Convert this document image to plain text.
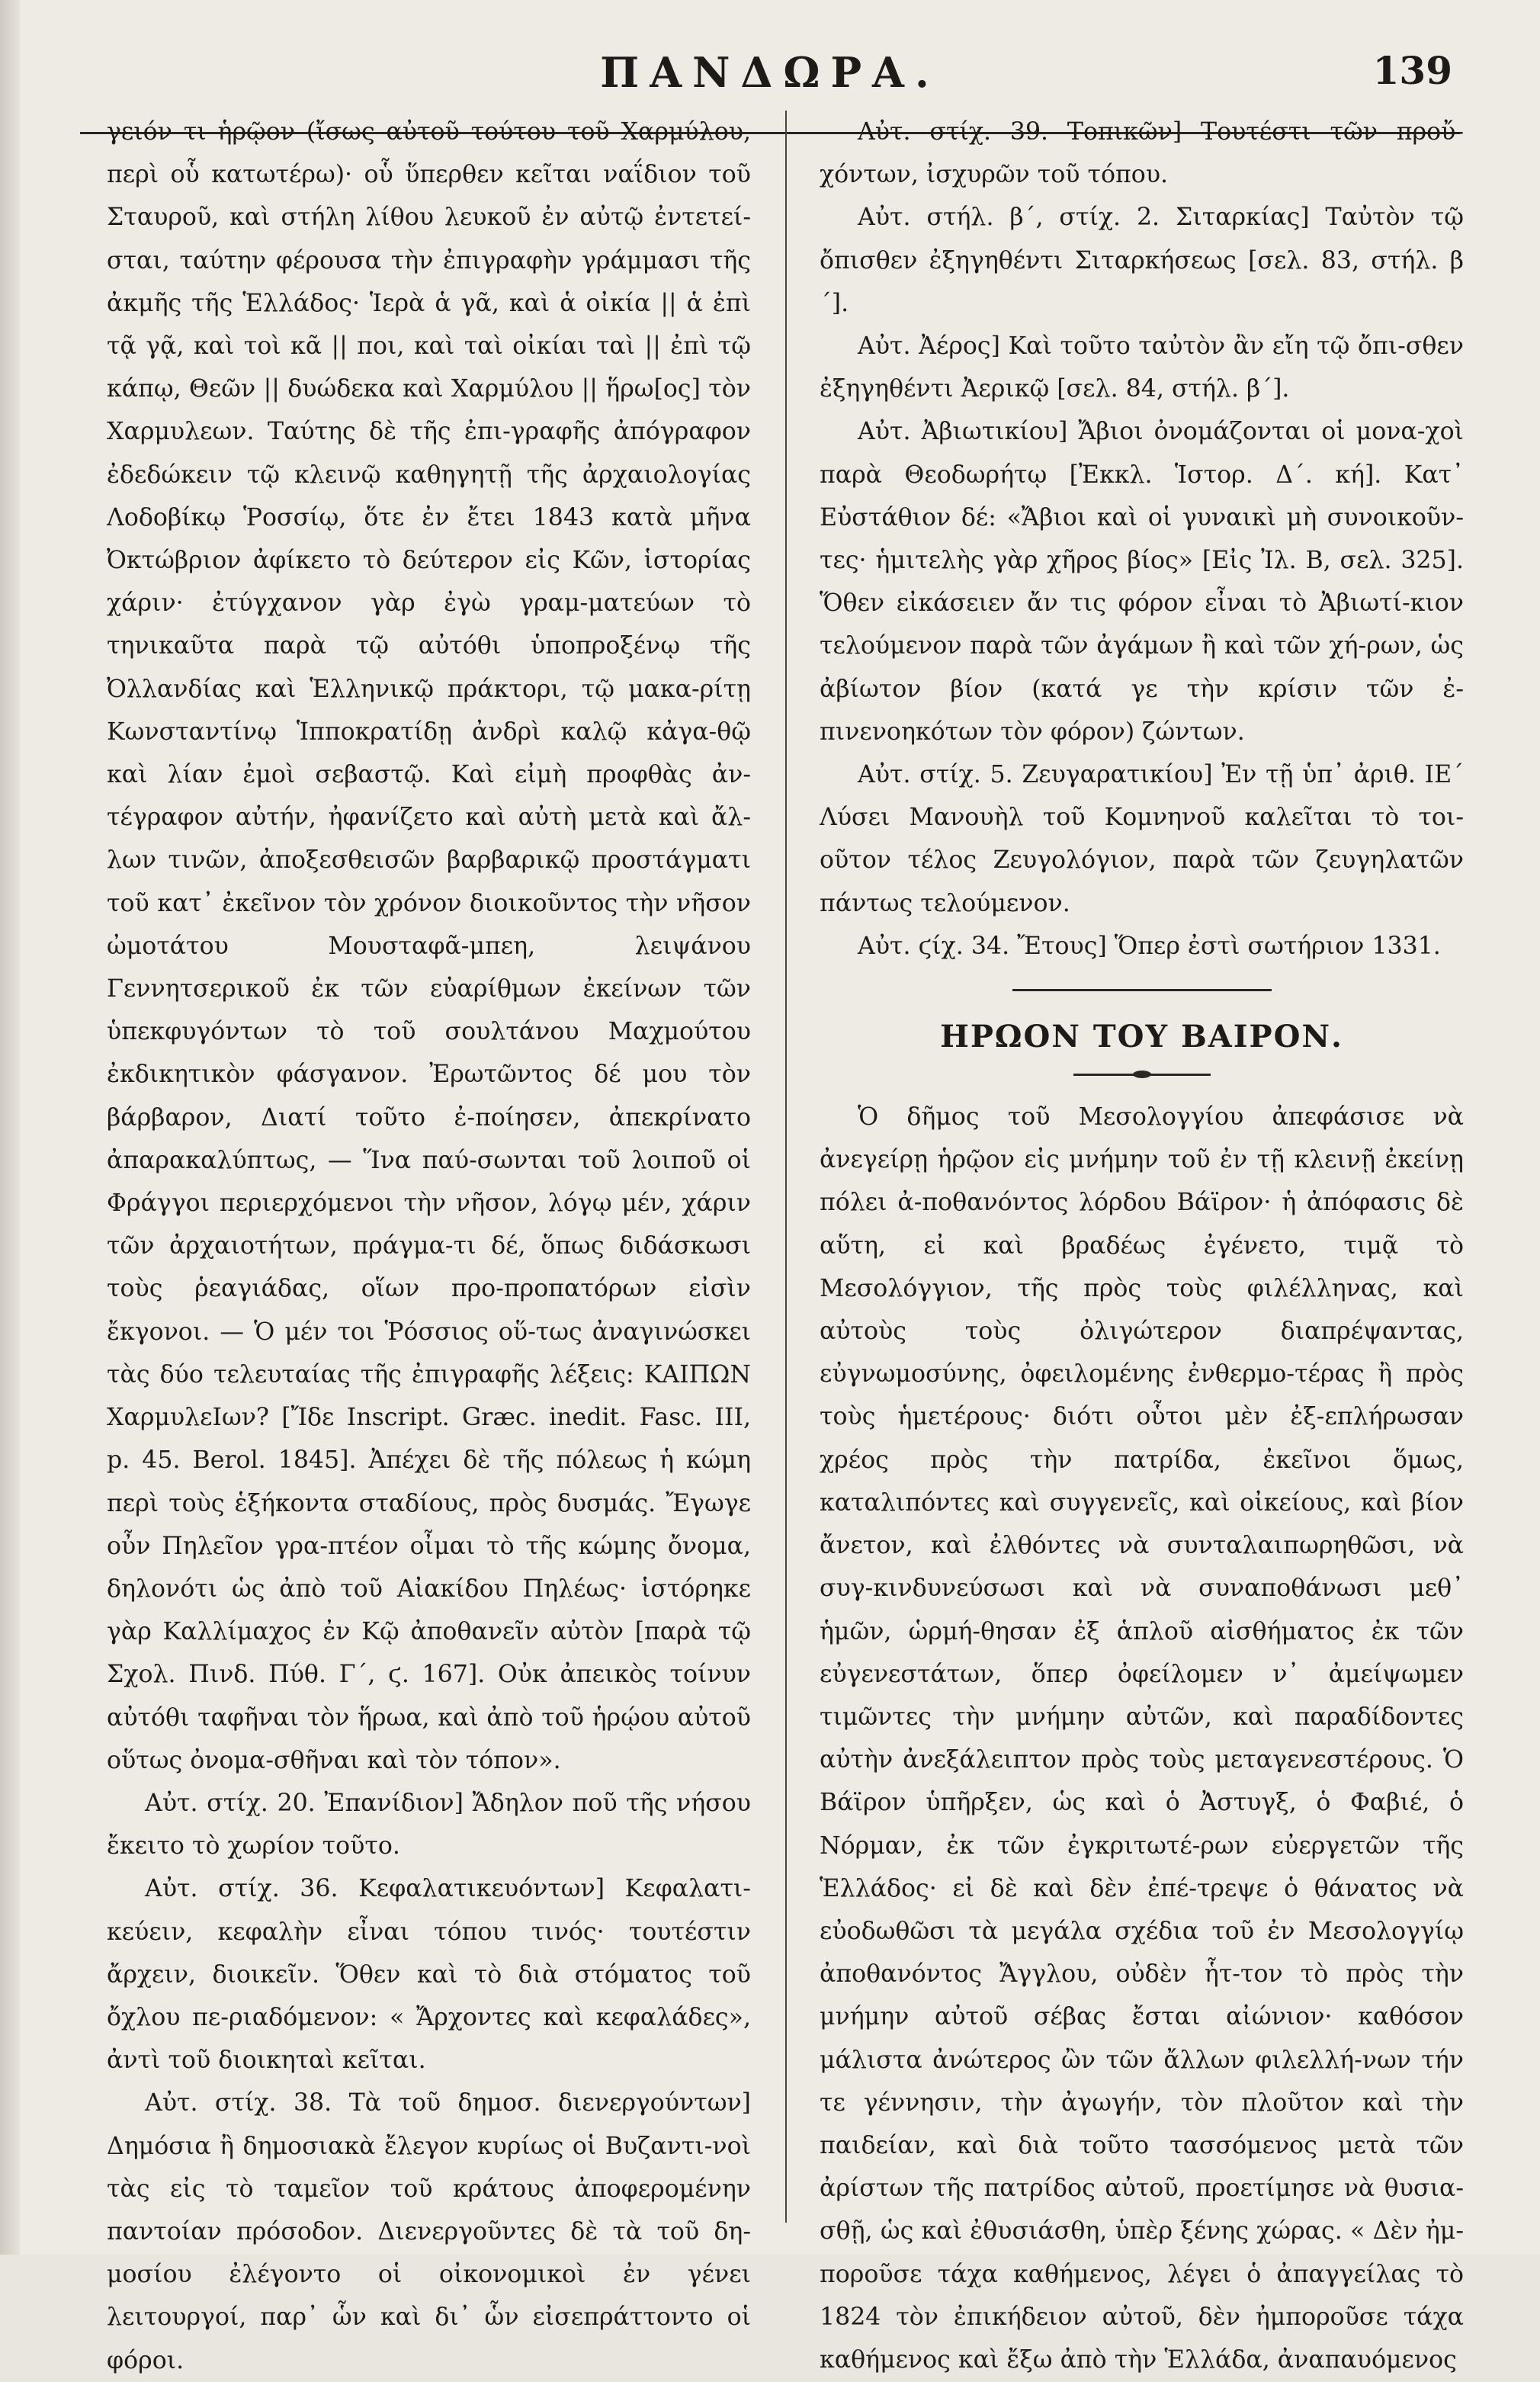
ΠΑΝΔΩΡΑ.	139

γειόν τι ἡρῷον (ἴσως αὐτοῦ τούτου τοῦ Χαρμύλου, περὶ οὗ κατωτέρω)· οὗ ὕπερθεν κεῖται ναΐδιον τοῦ Σταυροῦ, καὶ στήλη λίθου λευκοῦ ἐν αὐτῷ ἐντετεί-σται, ταύτην φέρουσα τὴν ἐπιγραφὴν γράμμασι τῆς ἀκμῆς τῆς Ἑλλάδος· Ἱερὰ ἁ γᾶ, καὶ ἁ οἰκία || ἁ ἐπὶ τᾷ γᾷ, καὶ τοὶ κᾶ || ποι, καὶ ταὶ οἰκίαι ταὶ || ἐπὶ τῷ κάπῳ, Θεῶν || δυώδεκα καὶ Χαρμύλου || ἥρω[ος] τὸν Χαρμυλεων. Ταύτης δὲ τῆς ἐπι-γραφῆς ἀπόγραφον ἐδεδώκειν τῷ κλεινῷ καθηγητῇ τῆς ἀρχαιολογίας Λοδοβίκῳ Ῥοσσίῳ, ὅτε ἐν ἔτει 1843 κατὰ μῆνα Ὀκτώβριον ἀφίκετο τὸ δεύτερον εἰς Κῶν, ἱστορίας χάριν· ἐτύγχανον γὰρ ἐγὼ γραμ-ματεύων τὸ τηνικαῦτα παρὰ τῷ αὐτόθι ὑποπροξένῳ τῆς Ὀλλανδίας καὶ Ἑλληνικῷ πράκτορι, τῷ μακα-ρίτῃ Κωνσταντίνῳ Ἱπποκρατίδῃ ἀνδρὶ καλῷ κἀγα-θῷ καὶ λίαν ἐμοὶ σεβαστῷ. Καὶ εἰμὴ προφθὰς ἀν-τέγραφον αὐτήν, ἠφανίζετο καὶ αὐτὴ μετὰ καὶ ἄλ-λων τινῶν, ἀποξεσθεισῶν βαρβαρικῷ προστάγματι τοῦ κατ᾿ ἐκεῖνον τὸν χρόνον διοικοῦντος τὴν νῆσον ὠμοτάτου Μουσταφᾶ-μπεη, λειψάνου Γεννητσερικοῦ ἐκ τῶν εὐαρίθμων ἐκείνων τῶν ὑπεκφυγόντων τὸ τοῦ σουλτάνου Μαχμούτου ἐκδικητικὸν φάσγανον. Ἐρωτῶντος δέ μου τὸν βάρβαρον, Διατί τοῦτο ἐ-ποίησεν, ἀπεκρίνατο ἀπαρακαλύπτως, — Ἵνα παύ-σωνται τοῦ λοιποῦ οἱ Φράγγοι περιερχόμενοι τὴν νῆσον, λόγῳ μέν, χάριν τῶν ἀρχαιοτήτων, πράγμα-τι δέ, ὅπως διδάσκωσι τοὺς ῥεαγιάδας, οἵων προ-προπατόρων εἰσὶν ἔκγονοι. — Ὁ μέν τοι Ῥόσσιος οὕ-τως ἀναγινώσκει τὰς δύο τελευταίας τῆς ἐπιγραφῆς λέξεις: ΚΑΙΠΩΝ ΧαρμυλεΙων? [Ἴδε Inscript. Græc. inedit. Fasc. III, p. 45. Berol. 1845]. Ἀπέχει δὲ τῆς πόλεως ἡ κώμη περὶ τοὺς ἑξήκοντα σταδίους, πρὸς δυσμάς. Ἔγωγε οὖν Πηλεῖον γρα-πτέον οἶμαι τὸ τῆς κώμης ὄνομα, δηλονότι ὡς ἀπὸ τοῦ Αἰακίδου Πηλέως· ἱστόρηκε γὰρ Καλλίμαχος ἐν Κῷ ἀποθανεῖν αὐτὸν [παρὰ τῷ Σχολ. Πινδ. Πύθ. Γ´, ϛ. 167]. Οὐκ ἀπεικὸς τοίνυν αὐτόθι ταφῆναι τὸν ἥρωα, καὶ ἀπὸ τοῦ ἡρῴου αὐτοῦ οὕτως ὀνομα-σθῆναι καὶ τὸν τόπον».

Αὐτ. στίχ. 20. Ἐπανίδιον] Ἄδηλον ποῦ τῆς νήσου ἔκειτο τὸ χωρίον τοῦτο.

Αὐτ. στίχ. 36. Κεφαλατικευόντων] Κεφαλατι-κεύειν, κεφαλὴν εἶναι τόπου τινός· τουτέστιν ἄρχειν, διοικεῖν. Ὅθεν καὶ τὸ διὰ στόματος τοῦ ὄχλου πε-ριαδόμενον: « Ἄρχοντες καὶ κεφαλάδες», ἀντὶ τοῦ διοικηταὶ κεῖται.

Αὐτ. στίχ. 38. Τὰ τοῦ δημοσ. διενεργούντων] Δημόσια ἢ δημοσιακὰ ἔλεγον κυρίως οἱ Βυζαντι-νοὶ τὰς εἰς τὸ ταμεῖον τοῦ κράτους ἀποφερομένην παντοίαν πρόσοδον. Διενεργοῦντες δὲ τὰ τοῦ δη-μοσίου ἐλέγοντο οἱ οἰκονομικοὶ ἐν γένει λειτουργοί, παρ᾿ ὧν καὶ δι᾿ ὧν εἰσεπράττοντο οἱ φόροι.

Αὐτ. στίχ. 39. Τοπικῶν] Τουτέστι τῶν προὔ-χόντων, ἰσχυρῶν τοῦ τόπου.

Αὐτ. στήλ. β´, στίχ. 2. Σιταρκίας] Ταὐτὸν τῷ ὄπισθεν ἐξηγηθέντι Σιταρκήσεως [σελ. 83, στήλ. β´].

Αὐτ. Ἀέρος] Καὶ τοῦτο ταὐτὸν ἂν εἴη τῷ ὄπι-σθεν ἐξηγηθέντι Ἀερικῷ [σελ. 84, στήλ. β´].

Αὐτ. Ἀβιωτικίου] Ἄβιοι ὀνομάζονται οἱ μονα-χοὶ παρὰ Θεοδωρήτῳ [Ἐκκλ. Ἱστορ. Δ´. κή]. Κατ᾿ Εὐστάθιον δέ: «Ἄβιοι καὶ οἱ γυναικὶ μὴ συνοικοῦν-τες· ἡμιτελὴς γὰρ χῆρος βίος» [Εἰς Ἰλ. Β, σελ. 325]. Ὅθεν εἰκάσειεν ἄν τις φόρον εἶναι τὸ Ἀβιωτί-κιον τελούμενον παρὰ τῶν ἀγάμων ἢ καὶ τῶν χή-ρων, ὡς ἀβίωτον βίον (κατά γε τὴν κρίσιν τῶν ἐ-πινενοηκότων τὸν φόρον) ζώντων.

Αὐτ. στίχ. 5. Ζευγαρατικίου] Ἐν τῇ ὑπ᾿ ἀριθ. ΙΕ´ Λύσει Μανουὴλ τοῦ Κομνηνοῦ καλεῖται τὸ τοι-οῦτον τέλος Ζευγολόγιον, παρὰ τῶν ζευγηλατῶν πάντως τελούμενον.

Αὐτ. ϛίχ. 34. Ἔτους] Ὅπερ ἐστὶ σωτήριον 1331.

ΗΡΩΟΝ ΤΟΥ ΒΑΙΡΟΝ.

Ὁ δῆμος τοῦ Μεσολογγίου ἀπεφάσισε νὰ ἀνεγείρῃ ἡρῷον εἰς μνήμην τοῦ ἐν τῇ κλεινῇ ἐκείνῃ πόλει ἀ-ποθανόντος λόρδου Βάϊρον· ἡ ἀπόφασις δὲ αὕτη, εἰ καὶ βραδέως ἐγένετο, τιμᾷ τὸ Μεσολόγγιον, τῆς πρὸς τοὺς φιλέλληνας, καὶ αὐτοὺς τοὺς ὀλιγώτερον διαπρέψαντας, εὐγνωμοσύνης, ὀφειλομένης ἐνθερμο-τέρας ἢ πρὸς τοὺς ἡμετέρους· διότι οὗτοι μὲν ἐξ-επλήρωσαν χρέος πρὸς τὴν πατρίδα, ἐκεῖνοι ὅμως, καταλιπόντες καὶ συγγενεῖς, καὶ οἰκείους, καὶ βίον ἄνετον, καὶ ἐλθόντες νὰ συνταλαιπωρηθῶσι, νὰ συγ-κινδυνεύσωσι καὶ νὰ συναποθάνωσι μεθ᾿ ἡμῶν, ὡρμή-θησαν ἐξ ἁπλοῦ αἰσθήματος ἐκ τῶν εὐγενεστάτων, ὅπερ ὀφείλομεν ν᾿ ἀμείψωμεν τιμῶντες τὴν μνήμην αὐτῶν, καὶ παραδίδοντες αὐτὴν ἀνεξάλειπτον πρὸς τοὺς μεταγενεστέρους. Ὁ Βάϊρον ὑπῆρξεν, ὡς καὶ ὁ Ἀστυγξ, ὁ Φαβιέ, ὁ Νόρμαν, ἐκ τῶν ἐγκριτωτέ-ρων εὐεργετῶν τῆς Ἑλλάδος· εἰ δὲ καὶ δὲν ἐπέ-τρεψε ὁ θάνατος νὰ εὐοδωθῶσι τὰ μεγάλα σχέδια τοῦ ἐν Μεσολογγίῳ ἀποθανόντος Ἄγγλου, οὐδὲν ἧτ-τον τὸ πρὸς τὴν μνήμην αὐτοῦ σέβας ἔσται αἰώνιον· καθόσον μάλιστα ἀνώτερος ὢν τῶν ἄλλων φιλελλή-νων τήν τε γέννησιν, τὴν ἀγωγήν, τὸν πλοῦτον καὶ τὴν παιδείαν, καὶ διὰ τοῦτο τασσόμενος μετὰ τῶν ἀρίστων τῆς πατρίδος αὐτοῦ, προετίμησε νὰ θυσια-σθῇ, ὡς καὶ ἐθυσιάσθη, ὑπὲρ ξένης χώρας. « Δὲν ἠμ-ποροῦσε τάχα καθήμενος, λέγει ὁ ἀπαγγείλας τὸ 1824 τὸν ἐπικήδειον αὐτοῦ, δὲν ἠμποροῦσε τάχα καθήμενος καὶ ἔξω ἀπὸ τὴν Ἑλλάδα, ἀναπαυόμενος
